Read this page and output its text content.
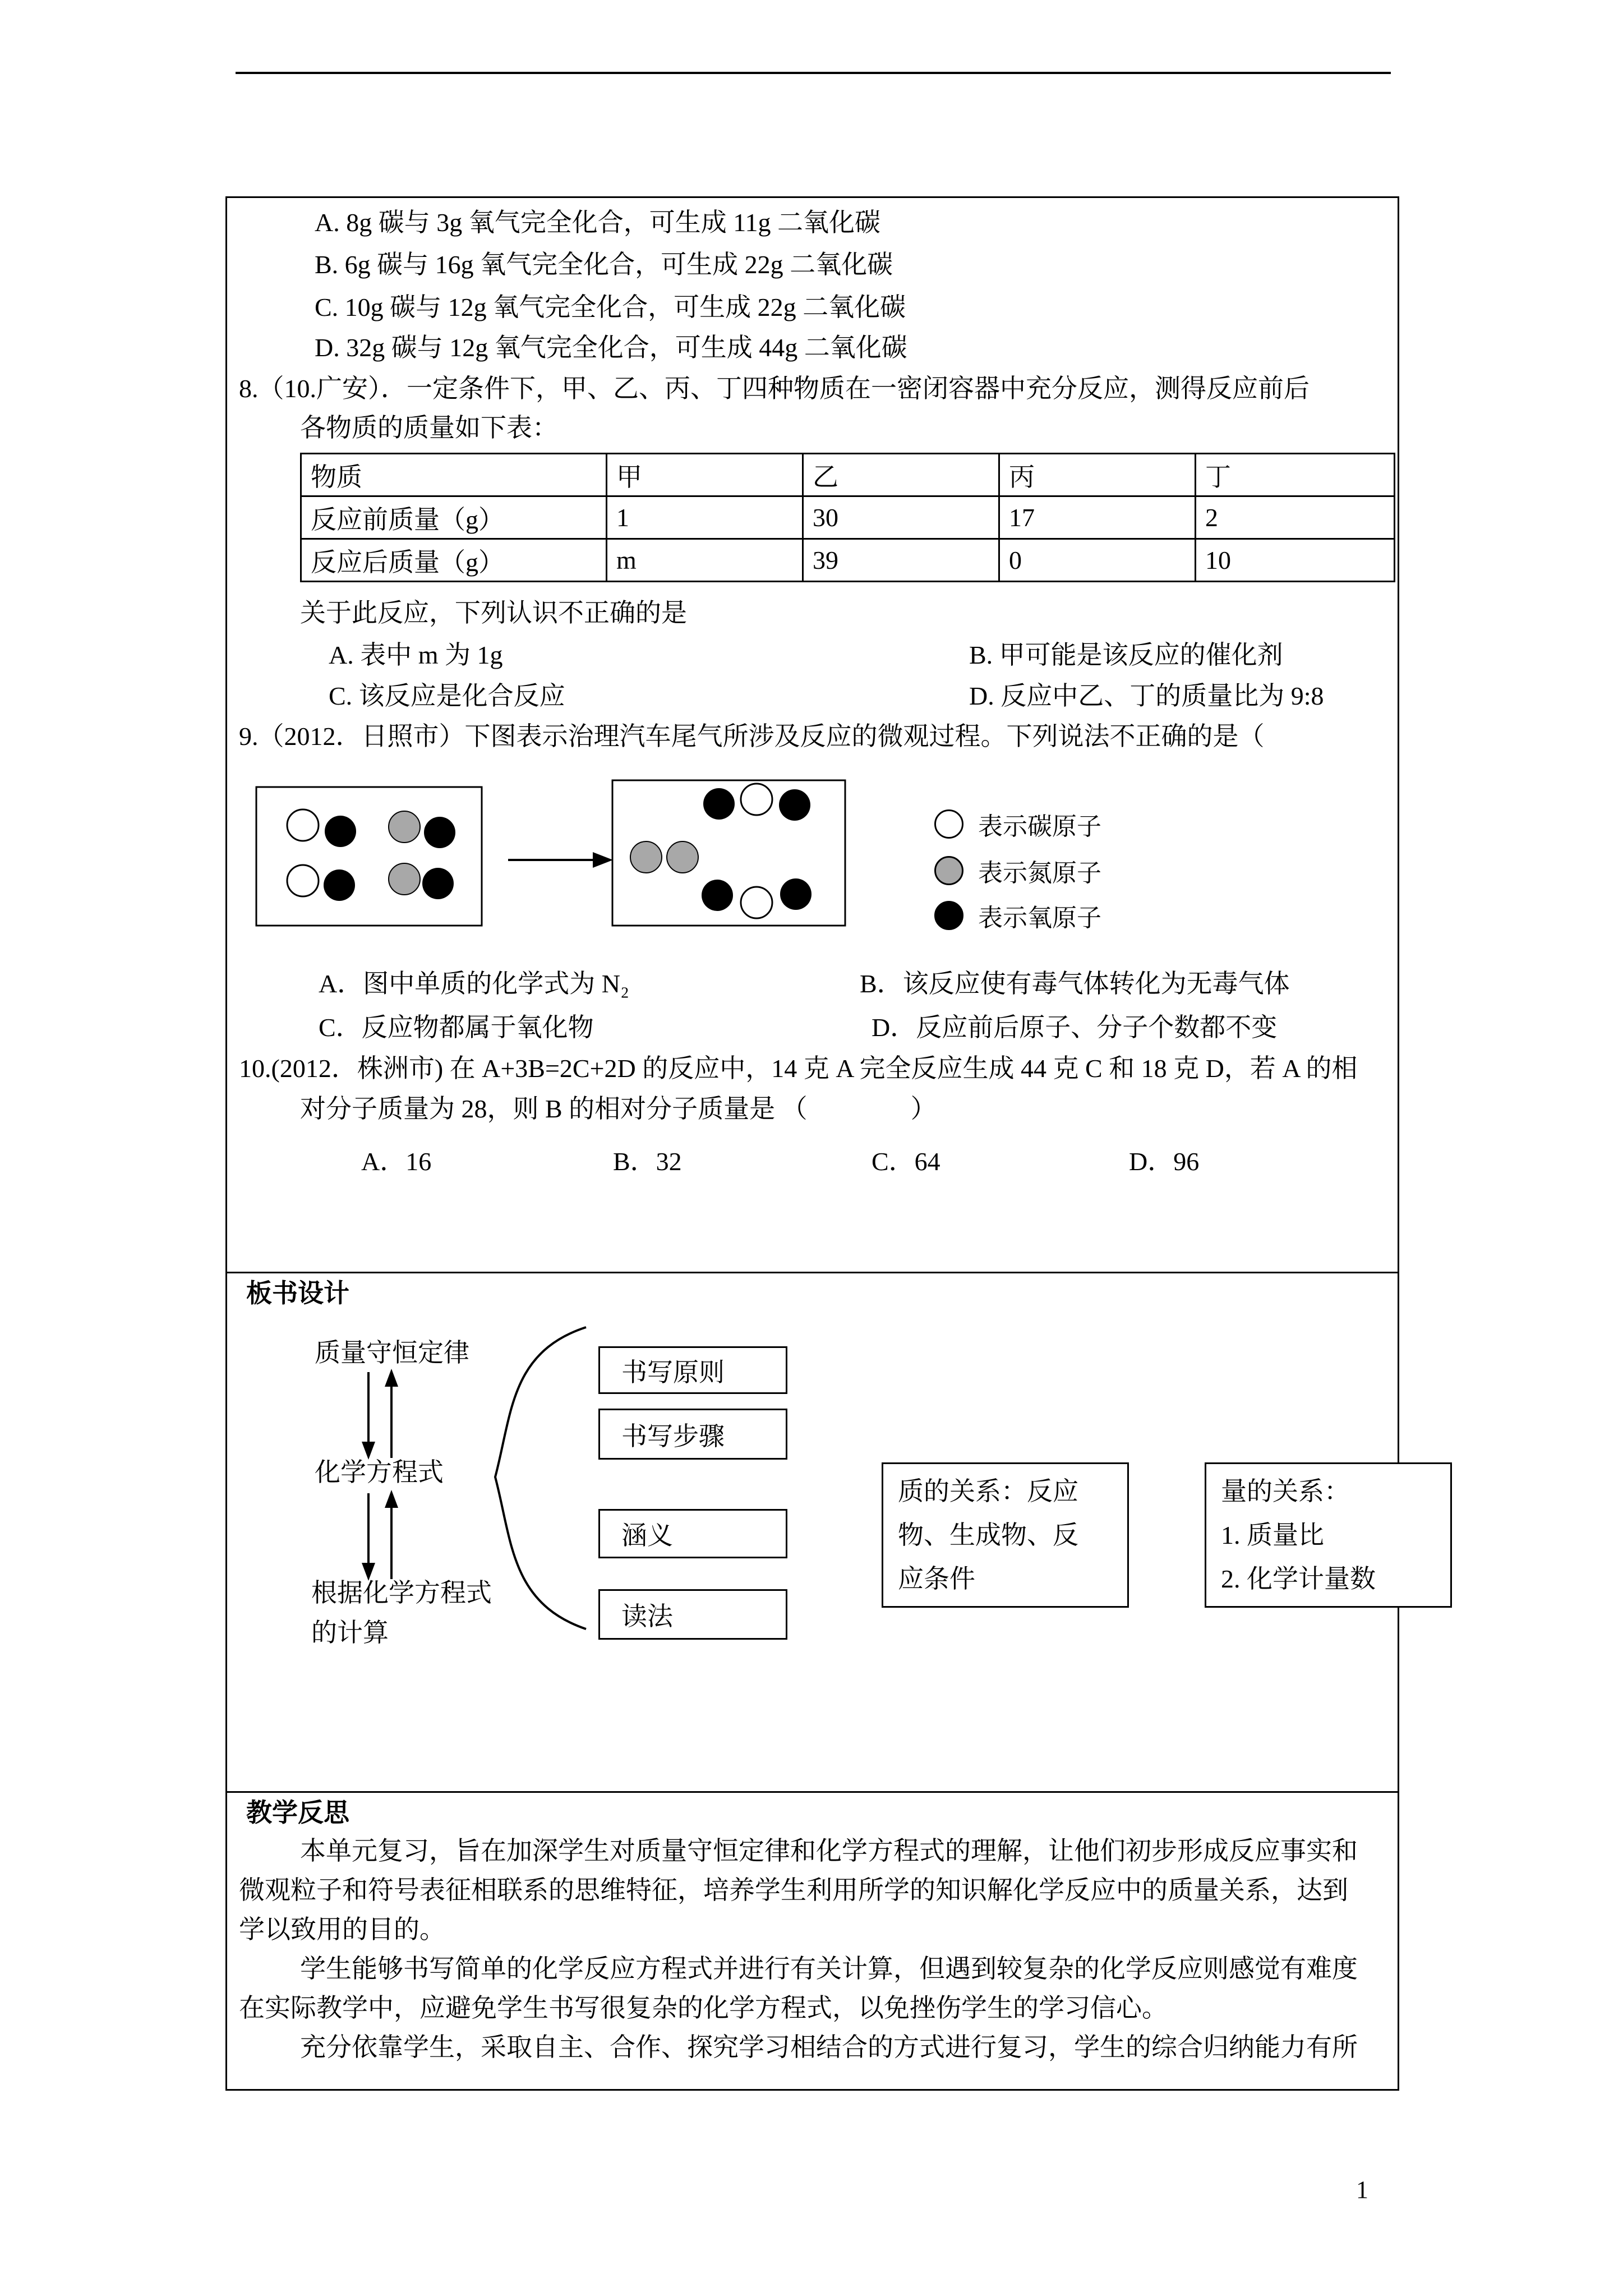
A. 8g 碳与 3g 氧气完全化合，可生成 11g 二氧化碳
B. 6g 碳与 16g 氧气完全化合，可生成 22g 二氧化碳
C. 10g 碳与 12g 氧气完全化合，可生成 22g 二氧化碳
D. 32g 碳与 12g 氧气完全化合，可生成 44g 二氧化碳
8.（10.广安）．一定条件下，甲、乙、丙、丁四种物质在一密闭容器中充分反应，测得反应前后
各物质的质量如下表：
物质	甲	乙	丙	丁
反应前质量（g）	1	30	17	2
反应后质量（g）	m	39	0	10
关于此反应，下列认识不正确的是
A. 表中 m 为 1g	B. 甲可能是该反应的催化剂
C. 该反应是化合反应	D. 反应中乙、丁的质量比为 9:8
9.（2012．日照市）下图表示治理汽车尾气所涉及反应的微观过程。下列说法不正确的是（
表示碳原子
表示氮原子
表示氧原子
A．图中单质的化学式为 N₂	B．该反应使有毒气体转化为无毒气体
C．反应物都属于氧化物	D．反应前后原子、分子个数都不变
10.(2012．株洲市) 在 A+3B=2C+2D 的反应中，14 克 A 完全反应生成 44 克 C 和 18 克 D，若 A 的相
对分子质量为 28，则 B 的相对分子质量是 （　　　　）
A．16	B．32	C．64	D．96
板书设计
质量守恒定律
化学方程式
根据化学方程式
的计算
书写原则
书写步骤
涵义
读法
质的关系：反应
物、生成物、反
应条件
量的关系：
1. 质量比
2. 化学计量数
教学反思
本单元复习，旨在加深学生对质量守恒定律和化学方程式的理解，让他们初步形成反应事实和
微观粒子和符号表征相联系的思维特征，培养学生利用所学的知识解化学反应中的质量关系，达到
学以致用的目的。
学生能够书写简单的化学反应方程式并进行有关计算，但遇到较复杂的化学反应则感觉有难度
在实际教学中，应避免学生书写很复杂的化学方程式，以免挫伤学生的学习信心。
充分依靠学生，采取自主、合作、探究学习相结合的方式进行复习，学生的综合归纳能力有所
1
